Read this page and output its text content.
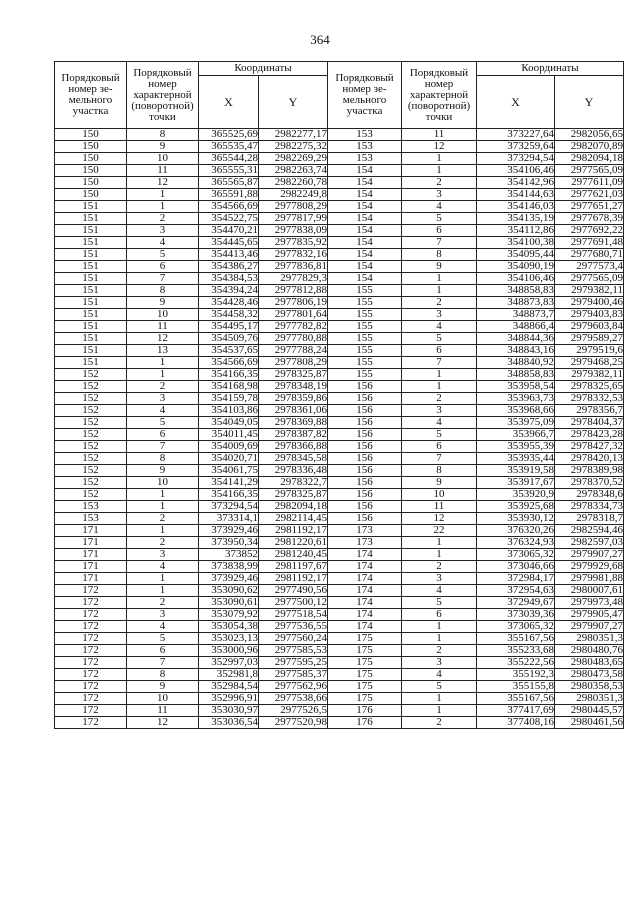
364
Порядковый номер зе-мельного участка	Порядковый номер характерной (поворотной) точки	Координаты		Порядковый номер зе-мельного участка	Порядковый номер характерной (поворотной) точки	Координаты	
		X	Y			X	Y
150	8	365525,69	2982277,17	153	11	373227,64	2982056,65
150	9	365535,47	2982275,32	153	12	373259,64	2982070,89
150	10	365544,28	2982269,29	153	1	373294,54	2982094,18
150	11	365555,31	2982263,74	154	1	354106,46	2977565,09
150	12	365565,87	2982260,78	154	2	354142,96	2977611,09
150	1	365591,88	2982249,8	154	3	354144,63	2977621,03
151	1	354566,69	2977808,29	154	4	354146,03	2977651,27
151	2	354522,75	2977817,99	154	5	354135,19	2977678,39
151	3	354470,21	2977838,09	154	6	354112,86	2977692,22
151	4	354445,65	2977835,92	154	7	354100,38	2977691,48
151	5	354413,46	2977832,16	154	8	354095,44	2977680,71
151	6	354386,27	2977836,81	154	9	354090,19	2977573,4
151	7	354384,53	2977829,3	154	1	354106,46	2977565,09
151	8	354394,24	2977812,88	155	1	348858,83	2979382,11
151	9	354428,46	2977806,19	155	2	348873,83	2979400,46
151	10	354458,32	2977801,64	155	3	348873,7	2979403,83
151	11	354495,17	2977782,82	155	4	348866,4	2979603,84
151	12	354509,76	2977780,88	155	5	348844,36	2979589,27
151	13	354537,65	2977788,24	155	6	348843,16	2979519,6
151	1	354566,69	2977808,29	155	7	348840,92	2979468,25
152	1	354166,35	2978325,87	155	1	348858,83	2979382,11
152	2	354168,98	2978348,19	156	1	353958,54	2978325,65
152	3	354159,78	2978359,86	156	2	353963,73	2978332,53
152	4	354103,86	2978361,06	156	3	353968,66	2978356,7
152	5	354049,05	2978369,88	156	4	353975,09	2978404,37
152	6	354011,45	2978387,82	156	5	353966,7	2978423,28
152	7	354009,69	2978366,88	156	6	353955,39	2978427,32
152	8	354020,71	2978345,58	156	7	353935,44	2978420,13
152	9	354061,75	2978336,48	156	8	353919,58	2978389,98
152	10	354141,29	2978322,7	156	9	353917,67	2978370,52
152	1	354166,35	2978325,87	156	10	353920,9	2978348,6
153	1	373294,54	2982094,18	156	11	353925,68	2978334,73
153	2	373314,1	2982114,45	156	12	353930,12	2978318,7
171	1	373929,46	2981192,17	173	22	376320,26	2982594,46
171	2	373950,34	2981220,61	173	1	376324,93	2982597,03
171	3	373852	2981240,45	174	1	373065,32	2979907,27
171	4	373838,99	2981197,67	174	2	373046,66	2979929,68
171	1	373929,46	2981192,17	174	3	372984,17	2979981,88
172	1	353090,62	2977490,56	174	4	372954,63	2980007,61
172	2	353090,61	2977500,12	174	5	372949,67	2979973,48
172	3	353079,92	2977518,54	174	6	373039,36	2979905,47
172	4	353054,38	2977536,55	174	1	373065,32	2979907,27
172	5	353023,13	2977560,24	175	1	355167,56	2980351,3
172	6	353000,96	2977585,53	175	2	355233,68	2980480,76
172	7	352997,03	2977595,25	175	3	355222,56	2980483,65
172	8	352981,8	2977585,37	175	4	355192,3	2980473,58
172	9	352984,54	2977562,96	175	5	355155,8	2980358,53
172	10	352996,91	2977538,66	175	1	355167,56	2980351,3
172	11	353030,97	2977526,5	176	1	377417,69	2980445,57
172	12	353036,54	2977520,98	176	2	377408,16	2980461,56
